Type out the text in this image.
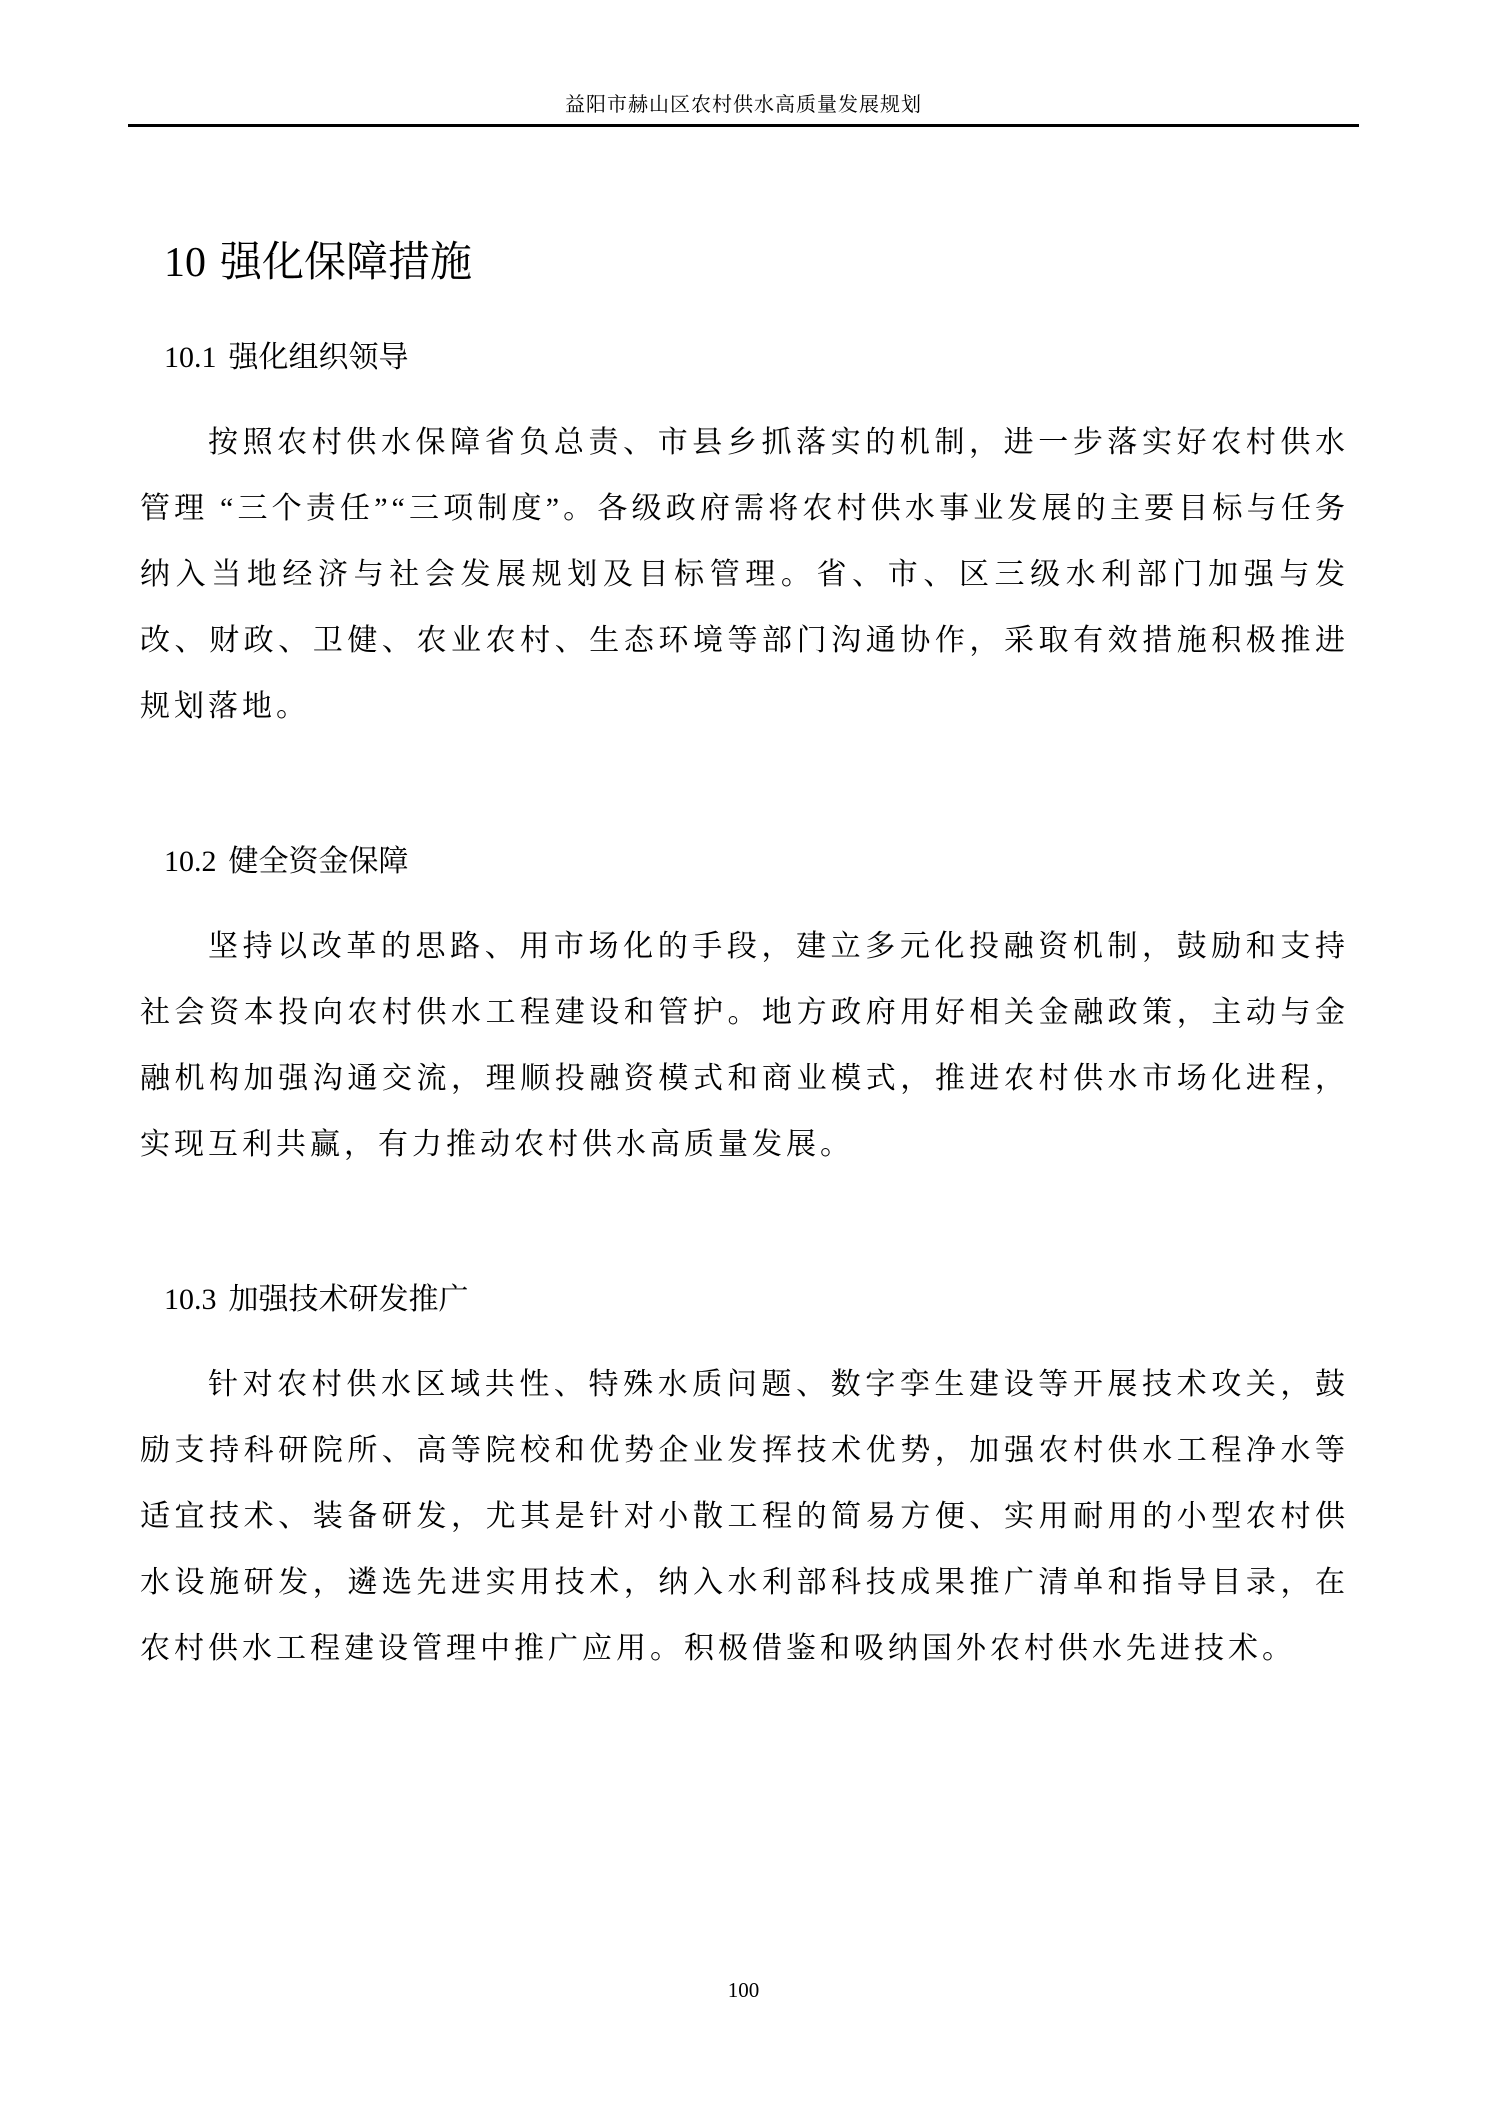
益阳市赫山区农村供水高质量发展规划
10 强化保障措施
10.1 强化组织领导

按照农村供水保障省负总责、市县乡抓落实的机制，进一步落实好农村供水管理 “三个责任”“三项制度”。各级政府需将农村供水事业发展的主要目标与任务纳入当地经济与社会发展规划及目标管理。省、市、区三级水利部门加强与发改、财政、卫健、农业农村、生态环境等部门沟通协作，采取有效措施积极推进规划落地。

10.2 健全资金保障

坚持以改革的思路、用市场化的手段，建立多元化投融资机制，鼓励和支持社会资本投向农村供水工程建设和管护。地方政府用好相关金融政策，主动与金融机构加强沟通交流，理顺投融资模式和商业模式，推进农村供水市场化进程，实现互利共赢，有力推动农村供水高质量发展。

10.3 加强技术研发推广

针对农村供水区域共性、特殊水质问题、数字孪生建设等开展技术攻关，鼓励支持科研院所、高等院校和优势企业发挥技术优势，加强农村供水工程净水等适宜技术、装备研发，尤其是针对小散工程的简易方便、实用耐用的小型农村供水设施研发，遴选先进实用技术，纳入水利部科技成果推广清单和指导目录，在农村供水工程建设管理中推广应用。积极借鉴和吸纳国外农村供水先进技术。

100
